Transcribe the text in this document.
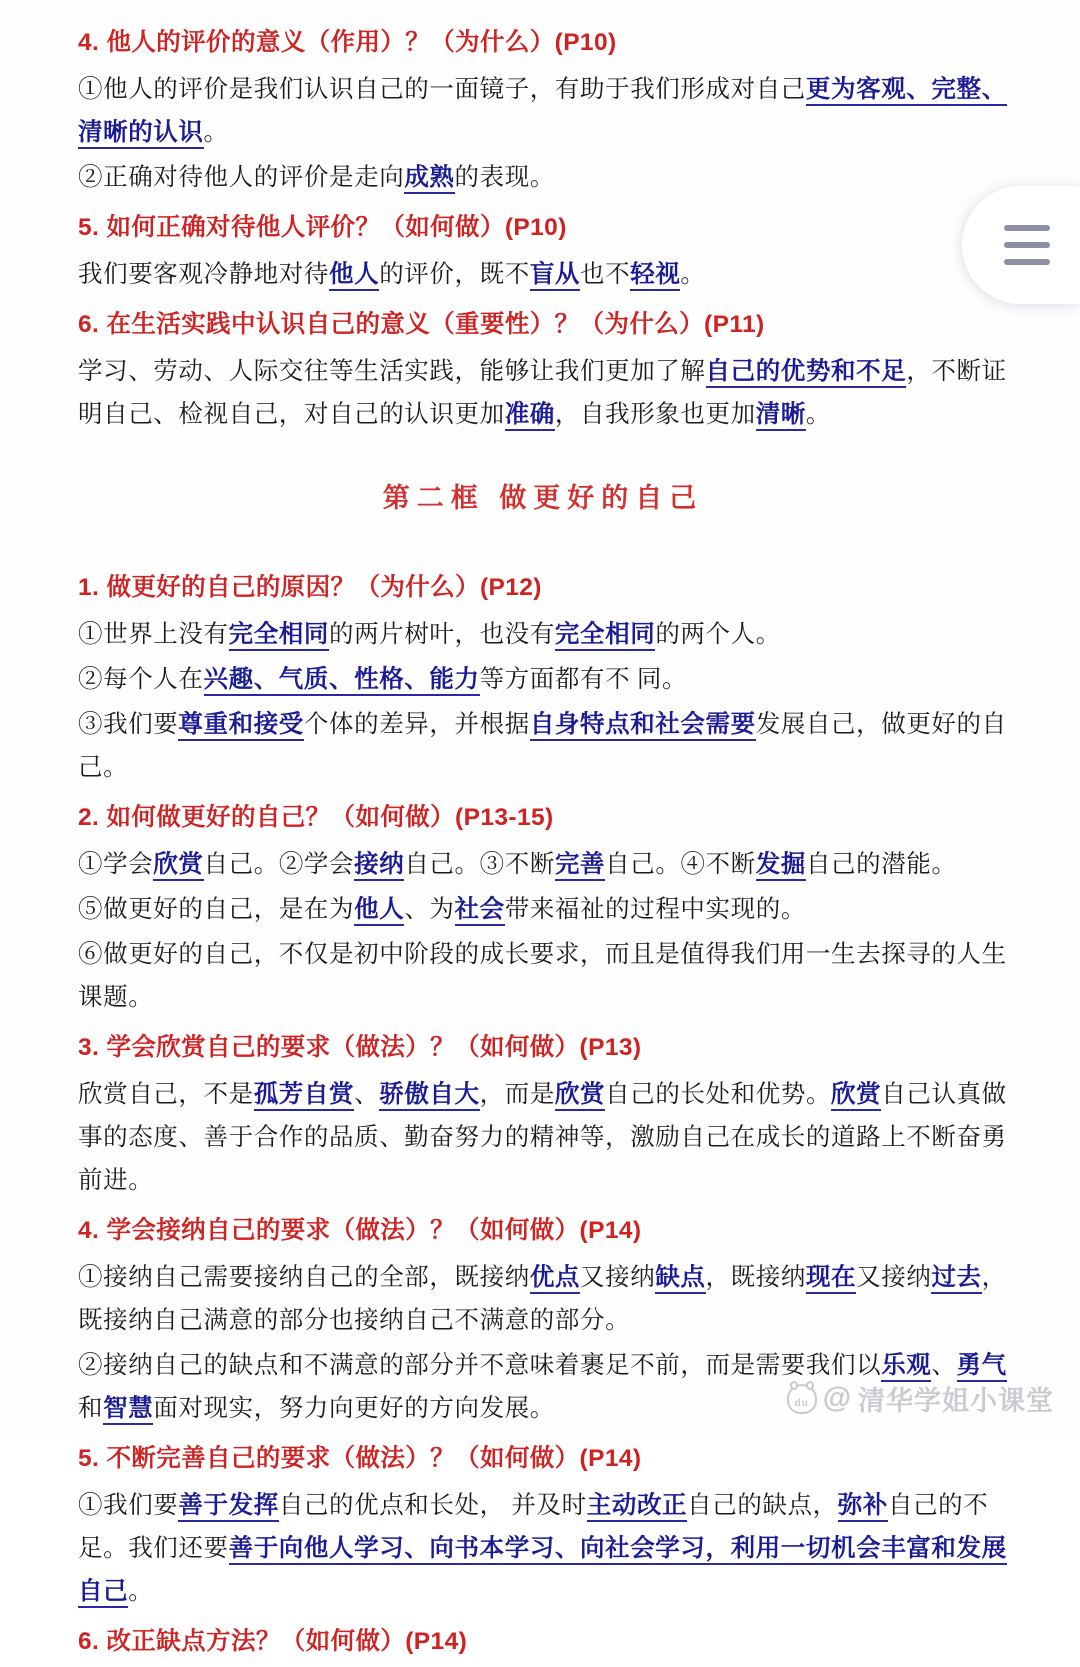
4. 他人的评价的意义（作用）？（为什么）(P10)

①他人的评价是我们认识自己的一面镜子，有助于我们形成对自己更为客观、完整、清晰的认识。

②正确对待他人的评价是走向成熟的表现。

5. 如何正确对待他人评价？（如何做）(P10)

我们要客观冷静地对待他人的评价，既不盲从也不轻视。

6. 在生活实践中认识自己的意义（重要性）？（为什么）(P11)

学习、劳动、人际交往等生活实践，能够让我们更加了解自己的优势和不足，不断证明自己、检视自己，对自己的认识更加准确，自我形象也更加清晰。

第二框 做更好的自己
1. 做更好的自己的原因？（为什么）(P12)

①世界上没有完全相同的两片树叶，也没有完全相同的两个人。

②每个人在兴趣、气质、性格、能力等方面都有不 同。

③我们要尊重和接受个体的差异，并根据自身特点和社会需要发展自己，做更好的自己。

2. 如何做更好的自己？（如何做）(P13-15)

①学会欣赏自己。②学会接纳自己。③不断完善自己。④不断发掘自己的潜能。

⑤做更好的自己，是在为他人、为社会带来福祉的过程中实现的。

⑥做更好的自己，不仅是初中阶段的成长要求，而且是值得我们用一生去探寻的人生课题。

3. 学会欣赏自己的要求（做法）？（如何做）(P13)

欣赏自己，不是孤芳自赏、骄傲自大，而是欣赏自己的长处和优势。欣赏自己认真做事的态度、善于合作的品质、勤奋努力的精神等，激励自己在成长的道路上不断奋勇前进。

4. 学会接纳自己的要求（做法）？（如何做）(P14)

①接纳自己需要接纳自己的全部，既接纳优点又接纳缺点，既接纳现在又接纳过去，既接纳自己满意的部分也接纳自己不满意的部分。

②接纳自己的缺点和不满意的部分并不意味着裹足不前，而是需要我们以乐观、勇气和智慧面对现实，努力向更好的方向发展。

5. 不断完善自己的要求（做法）？（如何做）(P14)

①我们要善于发挥自己的优点和长处， 并及时主动改正自己的缺点，弥补自己的不足。我们还要善于向他人学习、向书本学习、向社会学习，利用一切机会丰富和发展自己。

6. 改正缺点方法？（如何做）(P14)
du @ 清华学姐小课堂
